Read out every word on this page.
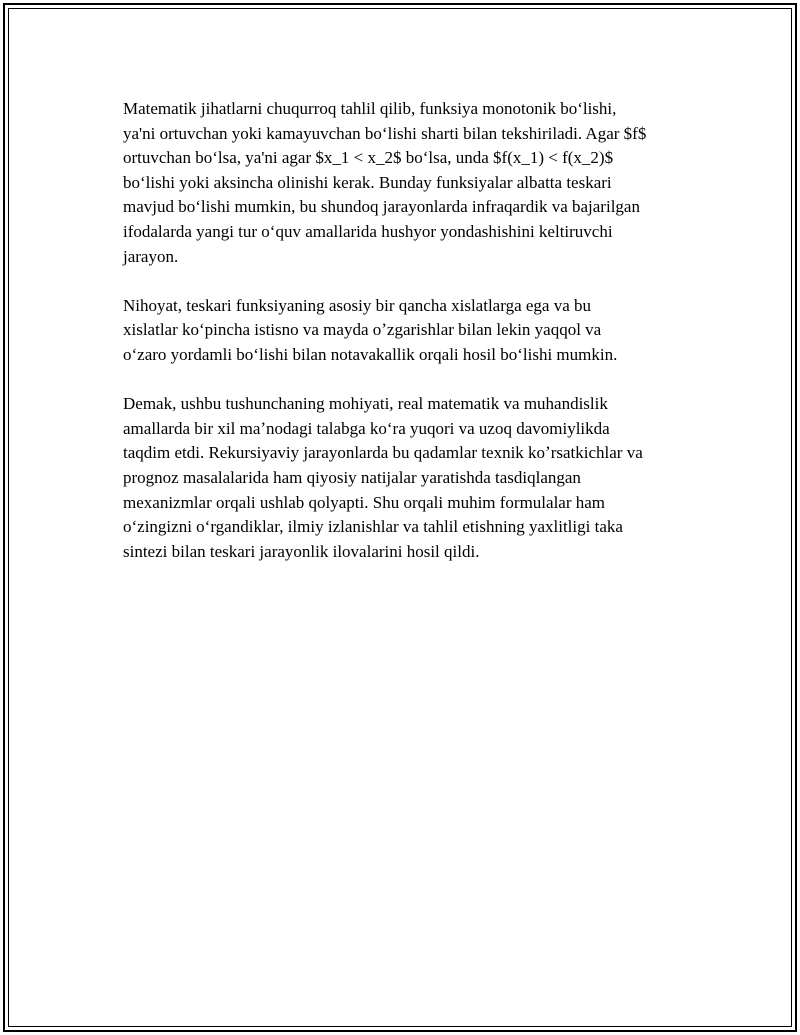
Matematik jihatlarni chuqurroq tahlil qilib, funksiya monotonik boʻlishi,
ya'ni ortuvchan yoki kamayuvchan boʻlishi sharti bilan tekshiriladi. Agar $f$
ortuvchan boʻlsa, ya'ni agar $x_1 < x_2$ boʻlsa, unda $f(x_1) < f(x_2)$
boʻlishi yoki aksincha olinishi kerak. Bunday funksiyalar albatta teskari
mavjud boʻlishi mumkin, bu shundoq jarayonlarda infraqardik va bajarilgan
ifodalarda yangi tur oʻquv amallarida hushyor yondashishini keltiruvchi
jarayon.

Nihoyat, teskari funksiyaning asosiy bir qancha xislatlarga ega va bu
xislatlar koʻpincha istisno va mayda oʼzgarishlar bilan lekin yaqqol va
oʻzaro yordamli boʻlishi bilan notavakallik orqali hosil boʻlishi mumkin.

Demak, ushbu tushunchaning mohiyati, real matematik va muhandislik
amallarda bir xil maʼnodagi talabga koʻra yuqori va uzoq davomiylikda
taqdim etdi. Rekursiyaviy jarayonlarda bu qadamlar texnik koʼrsatkichlar va
prognoz masalalarida ham qiyosiy natijalar yaratishda tasdiqlangan
mexanizmlar orqali ushlab qolyapti. Shu orqali muhim formulalar ham
oʻzingizni oʻrgandiklar, ilmiy izlanishlar va tahlil etishning yaxlitligi taka
sintezi bilan teskari jarayonlik ilovalarini hosil qildi.
